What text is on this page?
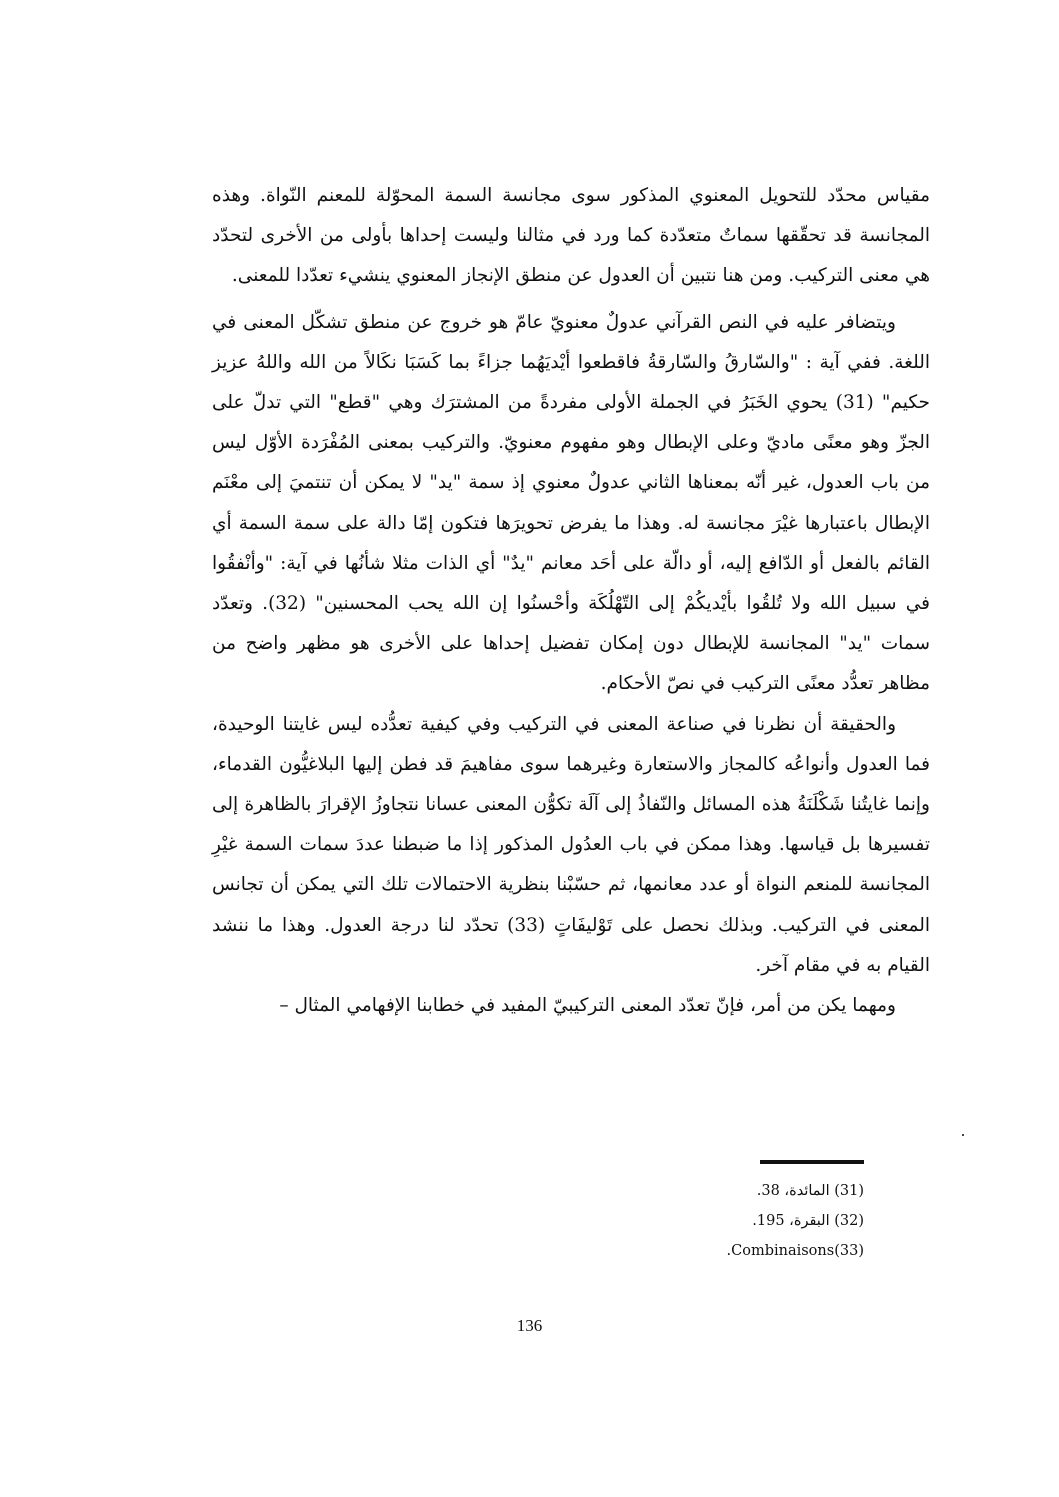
مقياس محدّد للتحويل المعنوي المذكور سوى مجانسة السمة المحوّلة للمعنم النّواة. وهذه المجانسة قد تحقّقها سماتٌ متعدّدة كما ورد في مثالنا وليست إحداها بأولى من الأخرى لتحدّد هي معنى التركيب. ومن هنا نتبين أن العدول عن منطق الإنجاز المعنوي ينشيء تعدّدا للمعنى.

ويتضافر عليه في النص القرآني عدولٌ معنويّ عامّ هو خروج عن منطق تشكّل المعنى في اللغة. ففي آية : "والسّارقُ والسّارقةُ فاقطعوا أيْديَهُما جزاءً بما كَسَبَا نكَالاً من الله واللهُ عزيز حكيم" (31) يحوي الخَبَرُ في الجملة الأولى مفردةً من المشترَك وهي "قطع" التي تدلّ على الجزّ وهو معنًى ماديّ وعلى الإبطال وهو مفهوم معنويّ. والتركيب بمعنى المُفْرَدة الأوّل ليس من باب العدول، غير أنّه بمعناها الثاني عدولٌ معنوي إذ سمة "يد" لا يمكن أن تنتميَ إلى معْنَم الإبطال باعتبارها غيْرَ مجانسة له. وهذا ما يفرض تحويرَها فتكون إمّا دالة على سمة السمة أي القائم بالفعل أو الدّافع إليه، أو دالّة على أحَد معانم "يدٌ" أي الذات مثلا شأنُها في آية: "وأنْفقُوا في سبيل الله ولا تُلقُوا بأيْديكُمْ إلى التّهْلُكَة وأحْسنُوا إن الله يحب المحسنين" (32). وتعدّد سمات "يد" المجانسة للإبطال دون إمكان تفضيل إحداها على الأخرى هو مظهر واضح من مظاهر تعدُّد معنًى التركيب في نصّ الأحكام.

والحقيقة أن نظرنا في صناعة المعنى في التركيب وفي كيفية تعدُّده ليس غايتنا الوحيدة، فما العدول وأنواعُه كالمجاز والاستعارة وغيرهما سوى مفاهيمَ قد فطن إليها البلاغيُّون القدماء، وإنما غايتُنا شَكْلَنَةُ هذه المسائل والنّفاذُ إلى آلَة تكوُّن المعنى عسانا نتجاوزُ الإقرارَ بالظاهرة إلى تفسيرها بل قياسها. وهذا ممكن في باب العدُول المذكور إذا ما ضبطنا عددَ سمات السمة غيْرِ المجانسة للمنعم النواة أو عدد معانمها، ثم حسّبْنا بنظرية الاحتمالات تلك التي يمكن أن تجانس المعنى في التركيب. وبذلك نحصل على تَوْليفَاتٍ (33) تحدّد لنا درجة العدول. وهذا ما ننشد القيام به في مقام آخر.

ومهما يكن من أمر، فإنّ تعدّد المعنى التركيبيّ المفيد في خطابنا الإفهامي المثال –

(31) المائدة، 38.

(32) البقرة، 195.

(33)Combinaisons.

136
